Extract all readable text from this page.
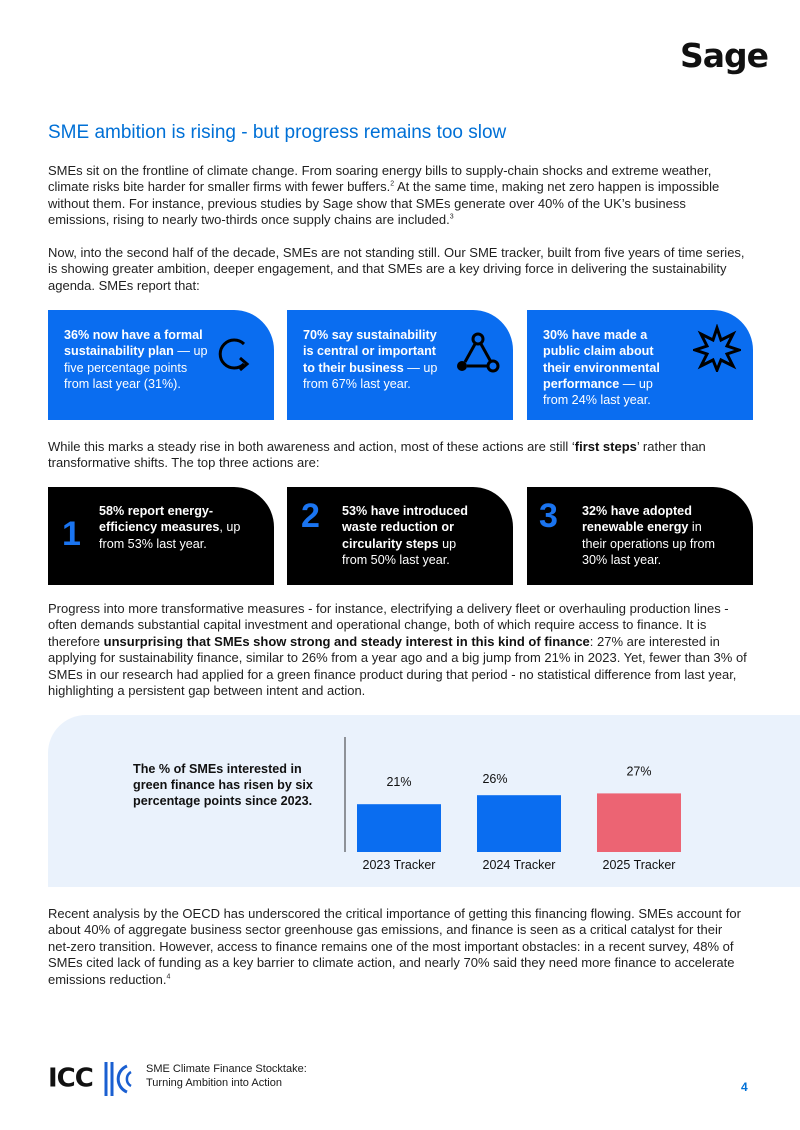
Sage
SME ambition is rising - but progress remains too slow

SMEs sit on the frontline of climate change. From soaring energy bills to supply-chain shocks and extreme weather, climate risks bite harder for smaller firms with fewer buffers.$^2$ At the same time, making net zero happen is impossible without them. For instance, previous studies by Sage show that SMEs generate over 40% of the UK’s business emissions, rising to nearly two-thirds once supply chains are included.$^3$

Now, into the second half of the decade, SMEs are not standing still. Our SME tracker, built from five years of time series, is showing greater ambition, deeper engagement, and that SMEs are a key driving force in delivering the sustainability agenda. SMEs report that:

36% now have a formal sustainability plan — up five percentage points from last year (31%).
70% say sustainability is central or important to their business — up from 67% last year.
30% have made a public claim about their environmental performance — up from 24% last year.

While this marks a steady rise in both awareness and action, most of these actions are still ‘first steps’ rather than transformative shifts. The top three actions are:

1
58% report energy-efficiency measures, up from 53% last year.
2 53% have introduced waste reduction or circularity steps up from 50% last year.
3 32% have adopted renewable energy in their operations up from 30% last year.

Progress into more transformative measures - for instance, electrifying a delivery fleet or overhauling production lines - often demands substantial capital investment and operational change, both of which require access to finance. It is therefore unsurprising that SMEs show strong and steady interest in this kind of finance: 27% are interested in applying for sustainability finance, similar to 26% from a year ago and a big jump from 21% in 2023. Yet, fewer than 3% of SMEs in our research had applied for a green finance product during that period - no statistical difference from last year, highlighting a persistent gap between intent and action.

The % of SMEs interested in green finance has risen by six percentage points since 2023.
21%
2023 Tracker
26%
2024 Tracker
27%
2025 Tracker

Recent analysis by the OECD has underscored the critical importance of getting this financing flowing. SMEs account for about 40% of aggregate business sector greenhouse gas emissions, and finance is seen as a critical catalyst for their net-zero transition. However, access to finance remains one of the most important obstacles: in a recent survey, 48% of SMEs cited lack of funding as a key barrier to climate action, and nearly 70% said they need more finance to accelerate emissions reduction.$^4$

ICC	SME Climate Finance Stocktake:
Turning Ambition into Action	4
